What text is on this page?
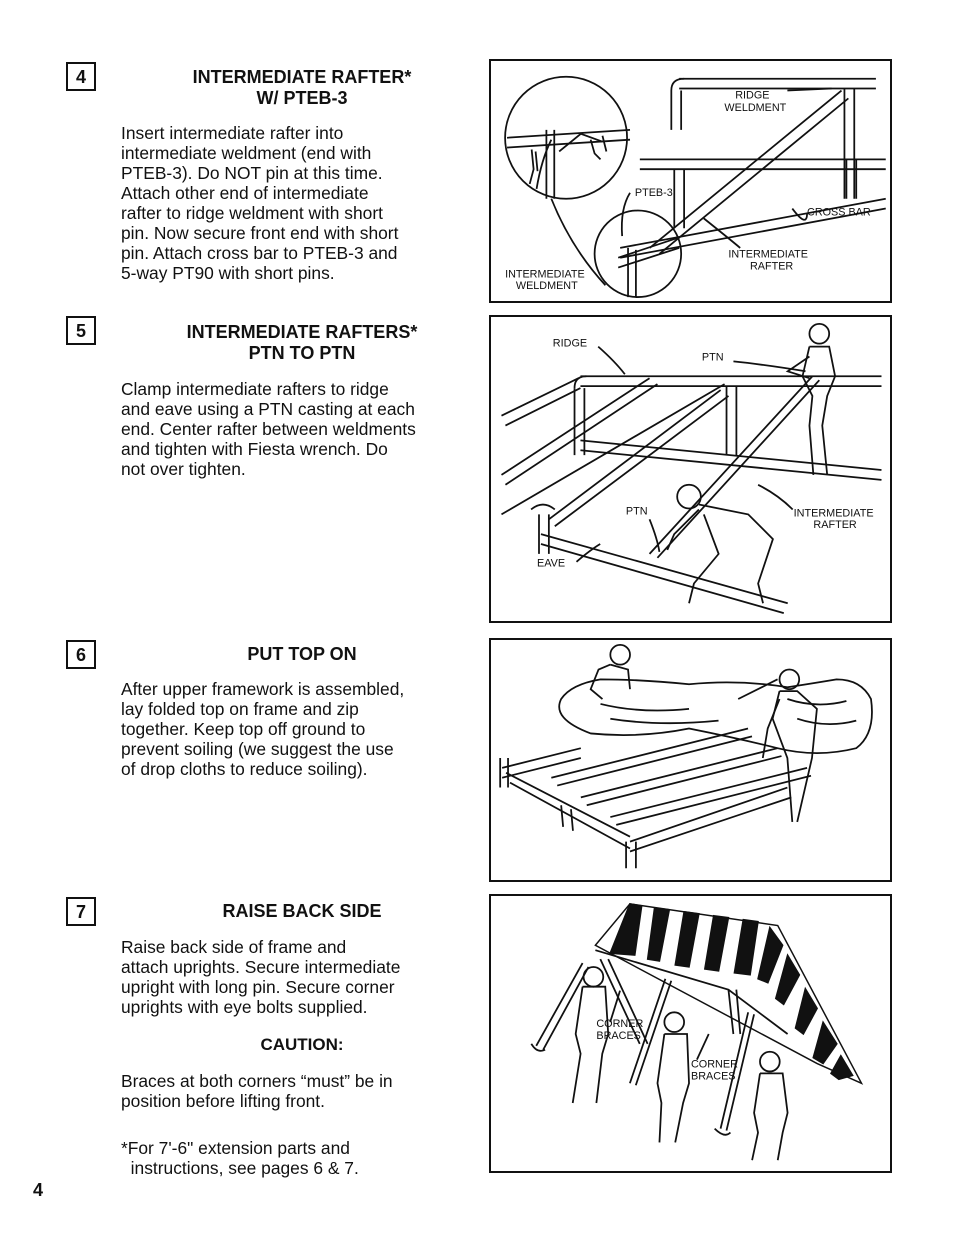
4	INTERMEDIATE RAFTER*
W/ PTEB-3

Insert intermediate rafter into
intermediate weldment (end with
PTEB-3). Do NOT pin at this time.
Attach other end of intermediate
rafter to ridge weldment with short
pin. Now secure front end with short
pin. Attach cross bar to PTEB-3 and
5-way PT90 with short pins.

RIDGE
WELDMENT
PTEB-3
CROSS BAR
INTERMEDIATE
RAFTER
INTERMEDIATE
WELDMENT
5	INTERMEDIATE RAFTERS*
PTN TO PTN

Clamp intermediate rafters to ridge
and eave using a PTN casting at each
end. Center rafter between weldments
and tighten with Fiesta wrench. Do
not over tighten.

RIDGE
PTN
PTN	INTERMEDIATE
RAFTER
EAVE
6	PUT TOP ON

After upper framework is assembled,
lay folded top on frame and zip
together. Keep top off ground to
prevent soiling (we suggest the use
of drop cloths to reduce soiling).

7	RAISE BACK SIDE

Raise back side of frame and
attach uprights. Secure intermediate
upright with long pin. Secure corner
uprights with eye bolts supplied.

CAUTION:

Braces at both corners “must” be in
position before lifting front.

*For 7'-6" extension parts and
instructions, see pages 6 & 7.
CORNER
BRACES
CORNER
BRACES
4
